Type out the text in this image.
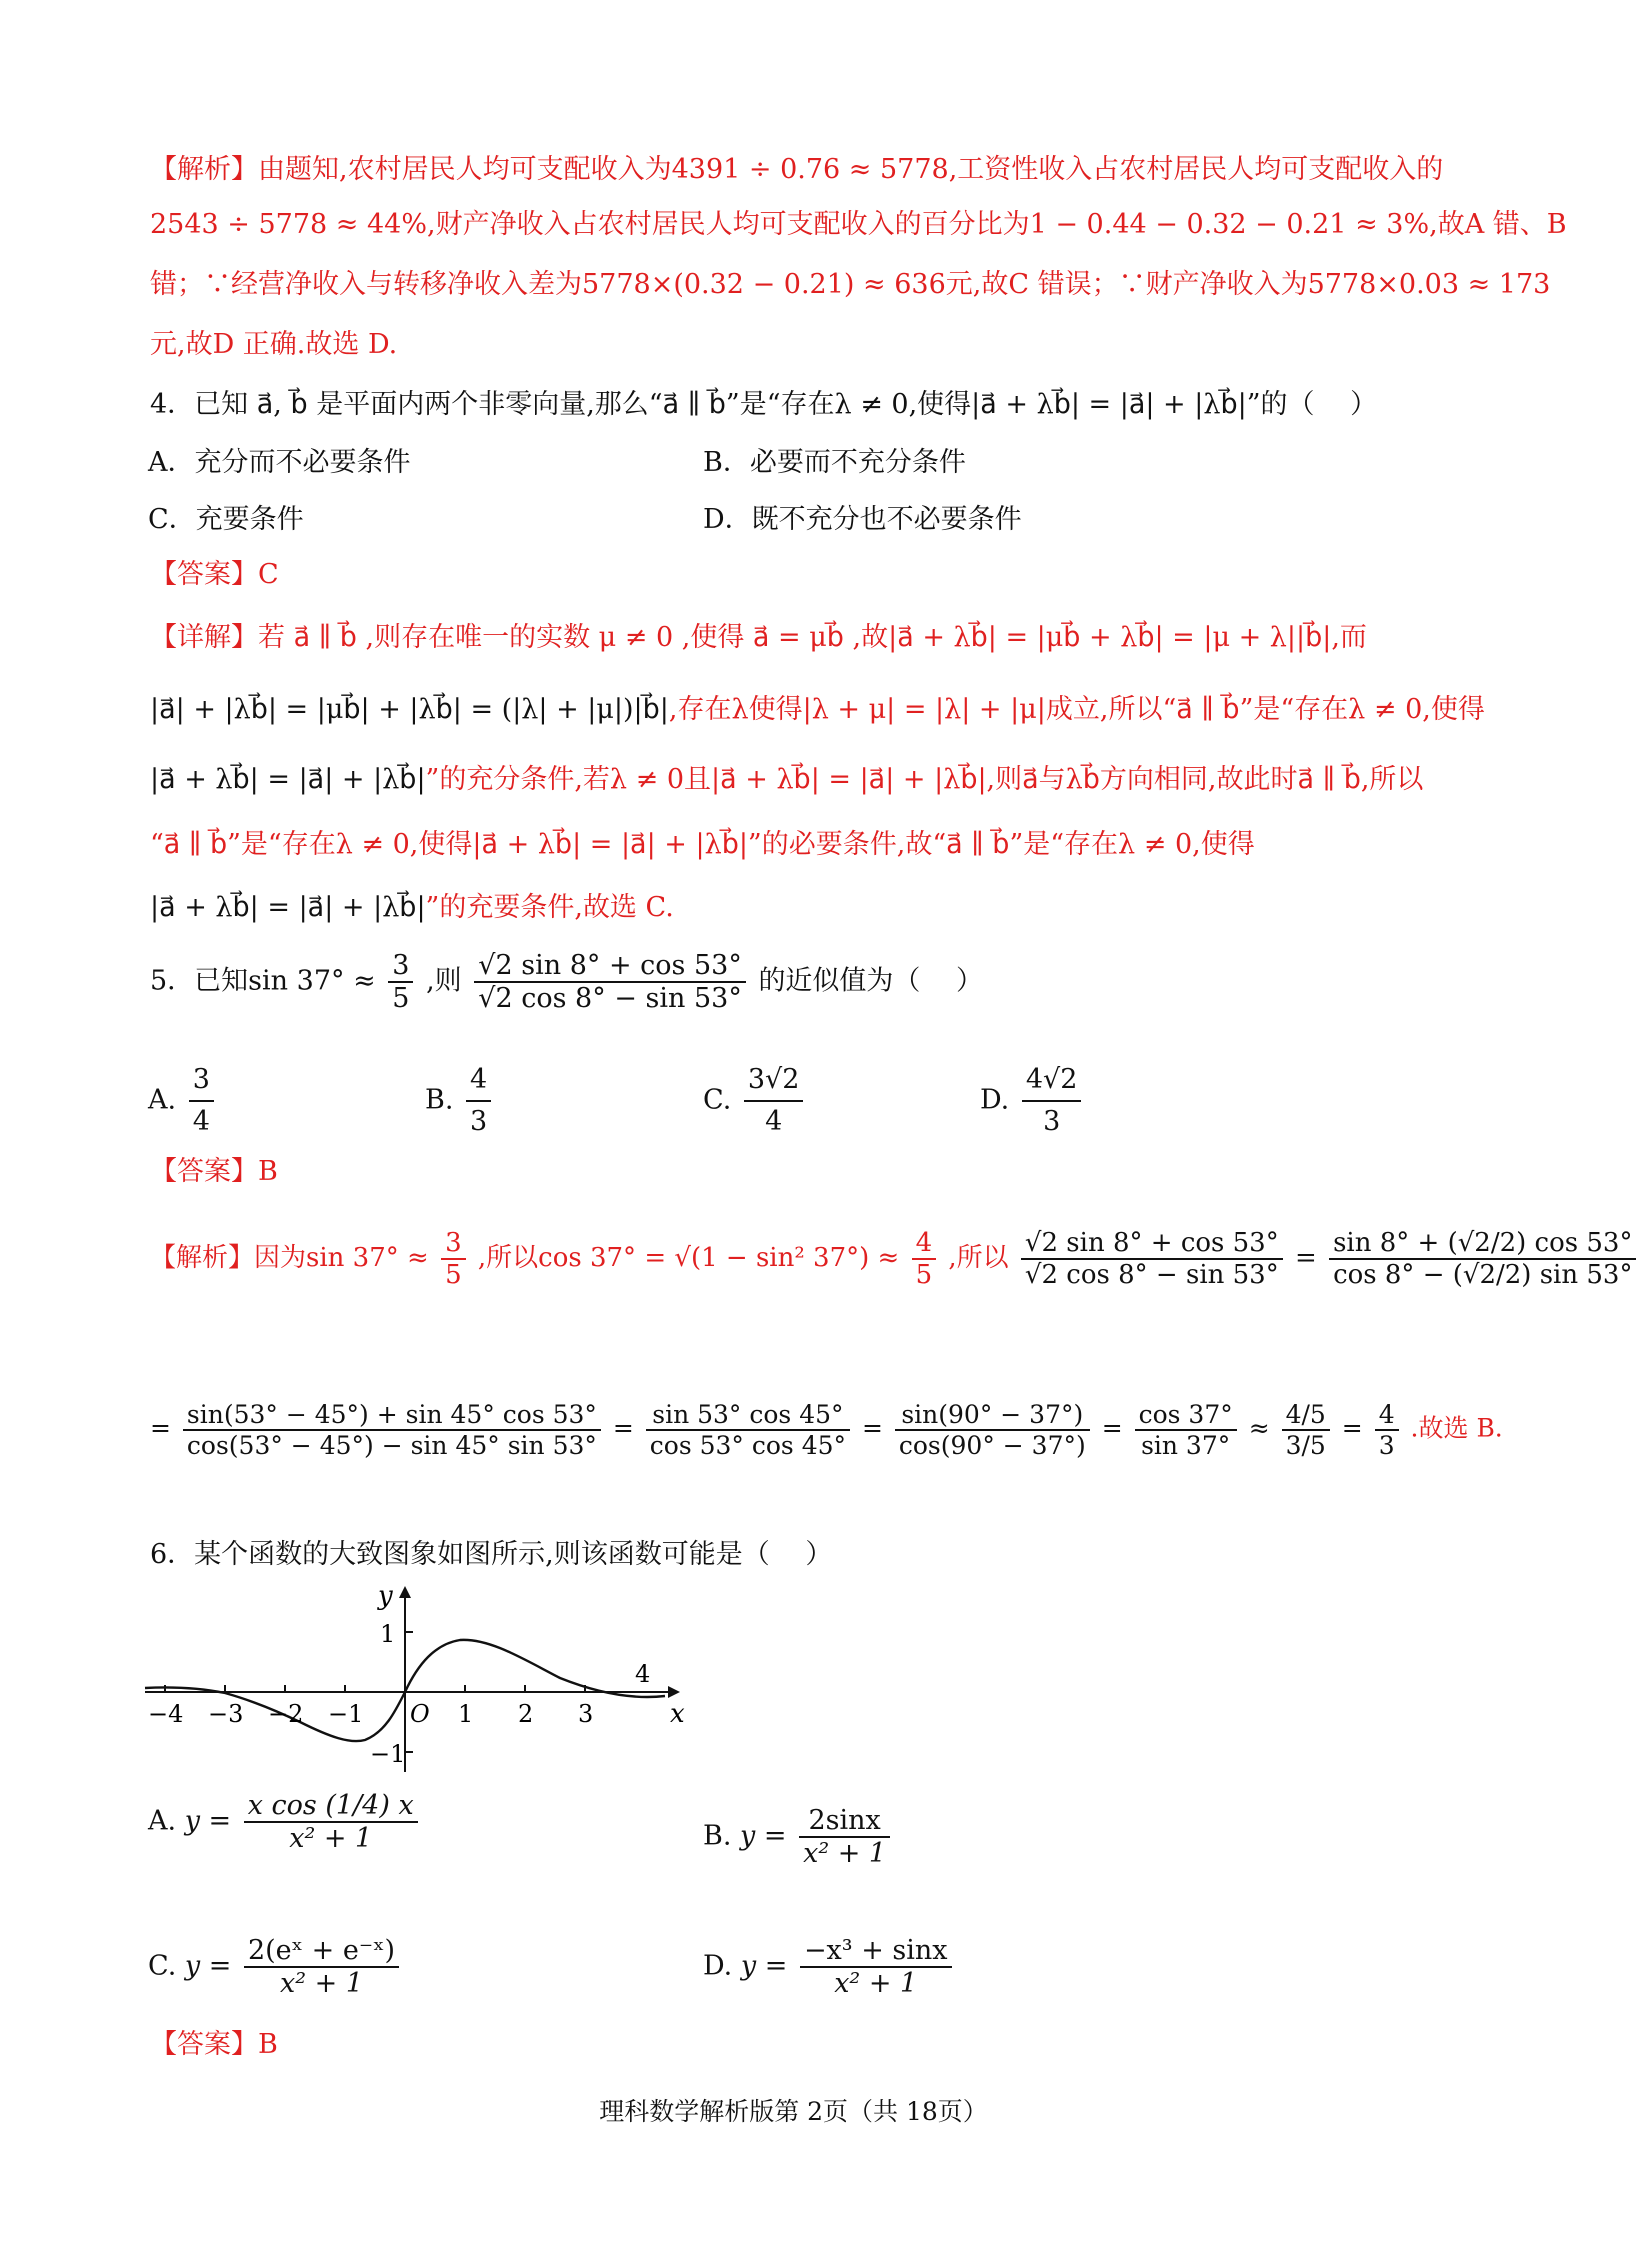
【解析】由题知,农村居民人均可支配收入为4391 ÷ 0.76 ≈ 5778,工资性收入占农村居民人均可支配收入的
2543 ÷ 5778 ≈ 44%,财产净收入占农村居民人均可支配收入的百分比为1 − 0.44 − 0.32 − 0.21 ≈ 3%,故A 错、B
错；∵经营净收入与转移净收入差为5778×(0.32 − 0.21) ≈ 636元,故C 错误；∵财产净收入为5778×0.03 ≈ 173
元,故D 正确.故选 D.
4．已知 a⃗, b⃗ 是平面内两个非零向量,那么“a⃗ ∥ b⃗”是“存在λ ≠ 0,使得|a⃗ + λb⃗| = |a⃗| + |λb⃗|”的（　 ）
A．充分而不必要条件	B．必要而不充分条件
C．充要条件	D．既不充分也不必要条件
【答案】C
【详解】若 a⃗ ∥ b⃗ ,则存在唯一的实数 μ ≠ 0 ,使得 a⃗ = μb⃗ ,故|a⃗ + λb⃗| = |μb⃗ + λb⃗| = |μ + λ||b⃗|,而
|a⃗| + |λb⃗| = |μb⃗| + |λb⃗| = (|λ| + |μ|)|b⃗|,存在λ使得|λ + μ| = |λ| + |μ|成立,所以“a⃗ ∥ b⃗”是“存在λ ≠ 0,使得
|a⃗ + λb⃗| = |a⃗| + |λb⃗|”的充分条件,若λ ≠ 0且|a⃗ + λb⃗| = |a⃗| + |λb⃗|,则a⃗与λb⃗方向相同,故此时a⃗ ∥ b⃗,所以
“a⃗ ∥ b⃗”是“存在λ ≠ 0,使得|a⃗ + λb⃗| = |a⃗| + |λb⃗|”的必要条件,故“a⃗ ∥ b⃗”是“存在λ ≠ 0,使得
|a⃗ + λb⃗| = |a⃗| + |λb⃗|”的充要条件,故选 C.
5．已知$\sin 37^\circ \approx \frac{3}{5}$ ,则 $\frac{√2 \sin 8^\circ + \cos 53^\circ}{√2 \cos 8^\circ - \sin 53^\circ}$ 的近似值为（　 ）
A. $\frac{3}{4}$	B. $\frac{4}{3}$	C. $\frac{3√2}{4}$	D. $\frac{4√2}{3}$
【答案】B
【解析】因为$\sin 37^\circ \approx \frac{3}{5}$ ,所以cos 37° = √(1 − sin² $37^\circ) \approx \frac{4}{5}$ ,所以 $\frac{√2 \sin 8^\circ + \cos 53^\circ}{√2 \cos 8^\circ - \sin 53^\circ} = \frac{\sin 8^\circ + (√2/2) \cos 53^\circ}{\cos 8^\circ - (√2/2) \sin 53^\circ}$
= $\frac{\sin(53^\circ - 45^\circ) + \sin 45^\circ \cos 53^\circ}{\cos(53^\circ - 45^\circ) - \sin 45^\circ \sin 53^\circ} = \frac{\sin 53^\circ \cos 45^\circ}{\cos 53^\circ \cos 45^\circ} = \frac{\sin(90^\circ - 37^\circ)}{\cos(90^\circ - 37^\circ)} = \frac{\cos 37^\circ}{\sin 37^\circ} \approx \frac{4/5}{3/5} = \frac{4}{3}$ .故选 B.
6．某个函数的大致图象如图所示,则该函数可能是（　 ）
y
x
O
1
−1
−4 −3 −2 −1	1 2 3
4
A. $y = \frac{\text{x cos (1/4) x}}{\text{x² + 1}}$	B. $y = \frac{2\sin x}{\text{x² + 1}}$
C. $y = \frac{\text{2(eˣ + e⁻ˣ)}}{\text{x² + 1}}$	D. $y = \frac{\text{−x³ + sinx}}{\text{x² + 1}}$
【答案】B
理科数学解析版第 2页（共 18页）
